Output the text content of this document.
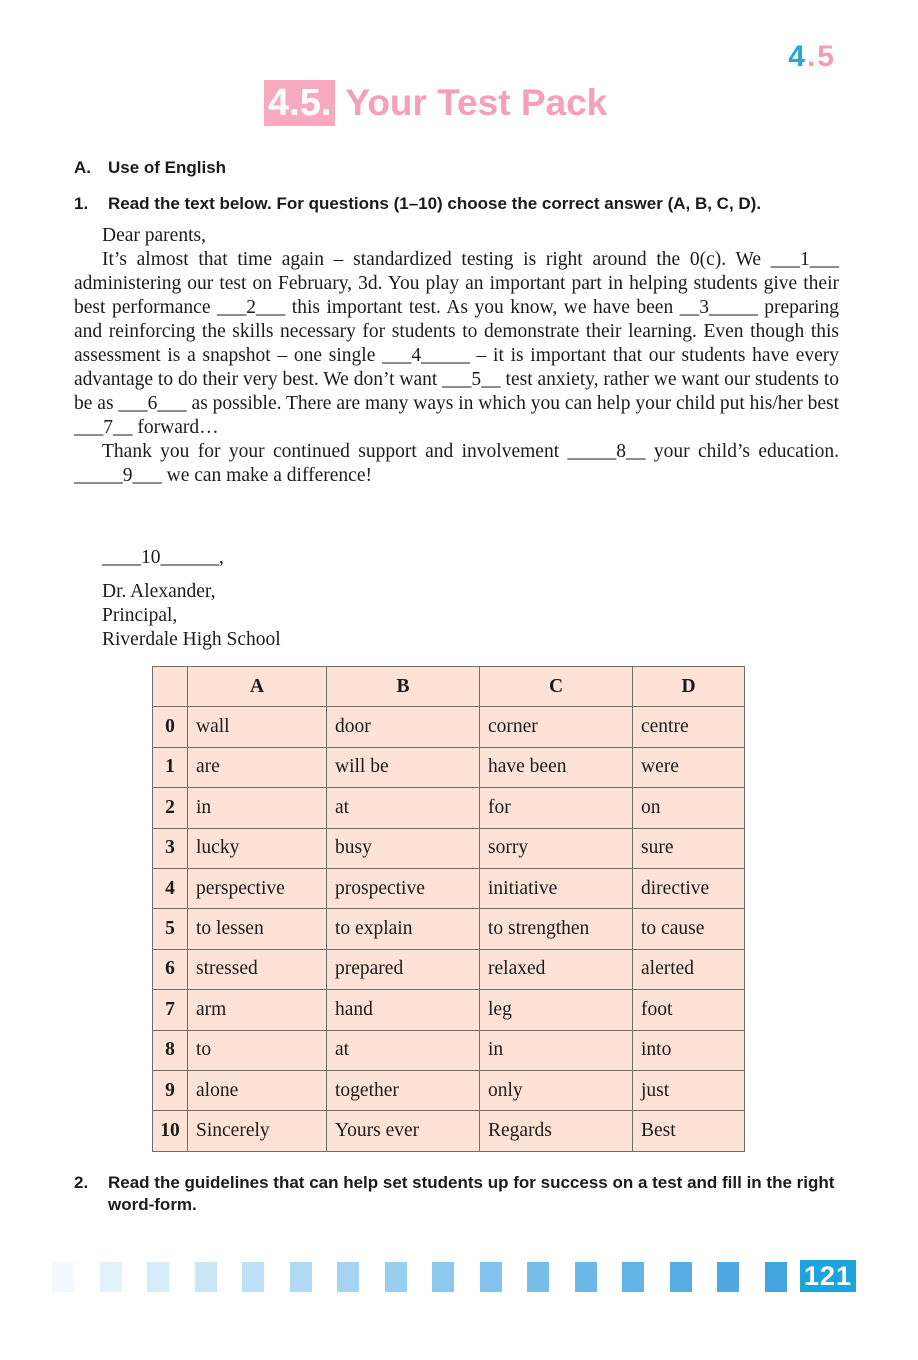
4.5
4.5. Your Test Pack
A. Use of English
1. Read the text below. For questions (1–10) choose the correct answer (A, B, C, D).

Dear parents,

It’s almost that time again – standardized testing is right around the 0(c). We ___1___ administering our test on February, 3d. You play an important part in helping students give their best performance ___2___ this important test. As you know, we have been __3_____ preparing and reinforcing the skills necessary for students to demonstrate their learning. Even though this assessment is a snapshot – one single ___4_____ – it is important that our students have every advantage to do their very best. We don’t want ___5__ test anxiety, rather we want our students to be as ___6___ as possible. There are many ways in which you can help your child put his/her best ___7__ forward…

Thank you for your continued support and involvement _____8__ your child’s education. _____9___ we can make a difference!

____10______,
Dr. Alexander,
Principal,
Riverdale High School
	A	B	C	D
0	wall	door	corner	centre
1	are	will be	have been	were
2	in	at	for	on
3	lucky	busy	sorry	sure
4	perspective	prospective	initiative	directive
5	to lessen	to explain	to strengthen	to cause
6	stressed	prepared	relaxed	alerted
7	arm	hand	leg	foot
8	to	at	in	into
9	alone	together	only	just
10	Sincerely	Yours ever	Regards	Best
2. Read the guidelines that can help set students up for success on a test and fill in the right word-form.
121
